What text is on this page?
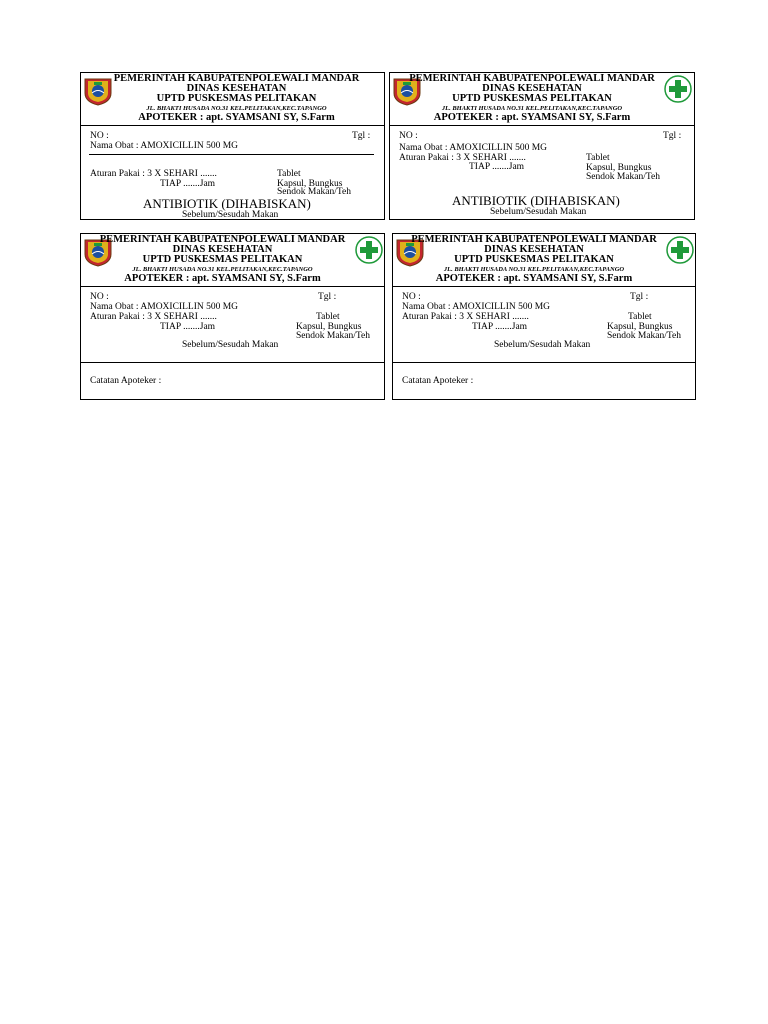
PEMERINTAH KABUPATENPOLEWALI MANDAR
DINAS KESEHATAN
UPTD PUSKESMAS PELITAKAN
JL. BHAKTI HUSADA NO.31 KEL.PELITAKAN,KEC.TAPANGO
APOTEKER : apt. SYAMSANI SY, S.Farm
NO :	Tgl :
Nama Obat : AMOXICILLIN 500 MG
Aturan Pakai : 3 X SEHARI .......
TIAP .......Jam
Tablet
Kapsul, Bungkus
Sendok Makan/Teh
ANTIBIOTIK (DIHABISKAN)
Sebelum/Sesudah Makan
PEMERINTAH KABUPATENPOLEWALI MANDAR
DINAS KESEHATAN
UPTD PUSKESMAS PELITAKAN
JL. BHAKTI HUSADA NO.31 KEL.PELITAKAN,KEC.TAPANGO
APOTEKER : apt. SYAMSANI SY, S.Farm
NO :	Tgl :
Nama Obat : AMOXICILLIN 500 MG
Aturan Pakai : 3 X SEHARI .......
TIAP .......Jam
Tablet
Kapsul, Bungkus
Sendok Makan/Teh
ANTIBIOTIK (DIHABISKAN)
Sebelum/Sesudah Makan
PEMERINTAH KABUPATENPOLEWALI MANDAR
DINAS KESEHATAN
UPTD PUSKESMAS PELITAKAN
JL. BHAKTI HUSADA NO.31 KEL.PELITAKAN,KEC.TAPANGO
APOTEKER : apt. SYAMSANI SY, S.Farm
NO :	Tgl :
Nama Obat : AMOXICILLIN 500 MG
Aturan Pakai : 3 X SEHARI .......
TIAP .......Jam
Tablet
Kapsul, Bungkus
Sendok Makan/Teh
Sebelum/Sesudah Makan
Catatan Apoteker :
PEMERINTAH KABUPATENPOLEWALI MANDAR
DINAS KESEHATAN
UPTD PUSKESMAS PELITAKAN
JL. BHAKTI HUSADA NO.31 KEL.PELITAKAN,KEC.TAPANGO
APOTEKER : apt. SYAMSANI SY, S.Farm
NO :	Tgl :
Nama Obat : AMOXICILLIN 500 MG
Aturan Pakai : 3 X SEHARI .......
TIAP .......Jam
Tablet
Kapsul, Bungkus
Sendok Makan/Teh
Sebelum/Sesudah Makan
Catatan Apoteker :
